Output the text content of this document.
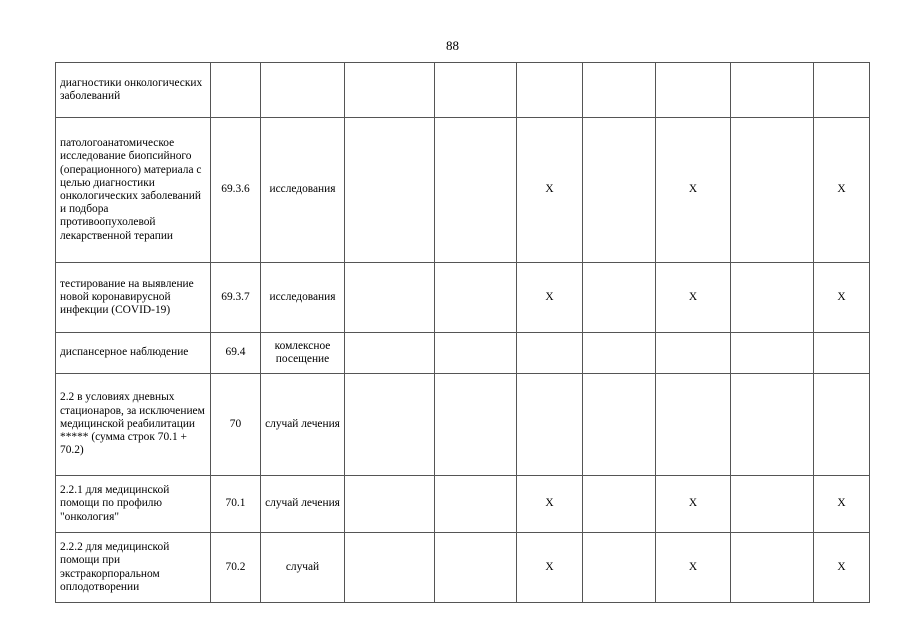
88
диагностики онкологических заболеваний									
патологоанатомическое исследование биопсийного (операционного) материала с целью диагностики онкологических заболеваний и подбора противоопухолевой лекарственной терапии	69.3.6	исследования			X		X		X
тестирование на выявление новой коронавирусной инфекции (COVID-19)	69.3.7	исследования			X		X		X
диспансерное наблюдение	69.4	комлексное посещение							
2.2 в условиях дневных стационаров, за исключением медицинской реабилитации ***** (сумма строк 70.1 + 70.2)	70	случай лечения							
2.2.1 для медицинской помощи по профилю "онкология"	70.1	случай лечения			X		X		X
2.2.2 для медицинской помощи при экстракорпоральном оплодотворении	70.2	случай			X		X		X
